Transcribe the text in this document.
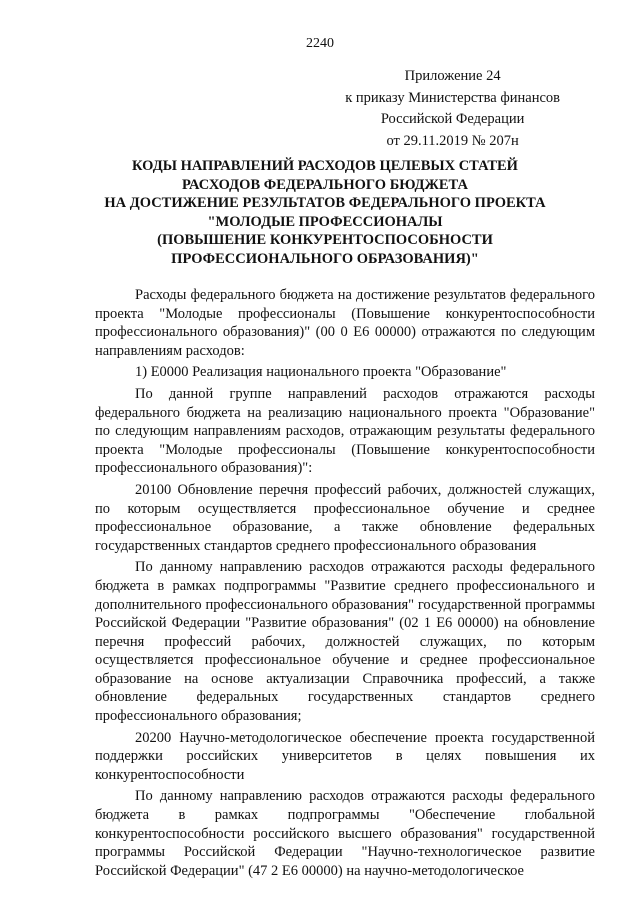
2240
Приложение 24
к приказу Министерства финансов
Российской Федерации
от 29.11.2019 № 207н
КОДЫ НАПРАВЛЕНИЙ РАСХОДОВ ЦЕЛЕВЫХ СТАТЕЙ
РАСХОДОВ ФЕДЕРАЛЬНОГО БЮДЖЕТА
НА ДОСТИЖЕНИЕ РЕЗУЛЬТАТОВ ФЕДЕРАЛЬНОГО ПРОЕКТА
"МОЛОДЫЕ ПРОФЕССИОНАЛЫ
(ПОВЫШЕНИЕ КОНКУРЕНТОСПОСОБНОСТИ
ПРОФЕССИОНАЛЬНОГО ОБРАЗОВАНИЯ)"

Расходы федерального бюджета на достижение результатов федерального проекта "Молодые профессионалы (Повышение конкурентоспособности профессионального образования)" (00 0 Е6 00000) отражаются по следующим направлениям расходов:

1) Е0000 Реализация национального проекта "Образование"

По данной группе направлений расходов отражаются расходы федерального бюджета на реализацию национального проекта "Образование" по следующим направлениям расходов, отражающим результаты федерального проекта "Молодые профессионалы (Повышение конкурентоспособности профессионального образования)":

20100 Обновление перечня профессий рабочих, должностей служащих, по которым осуществляется профессиональное обучение и среднее профессиональное образование, а также обновление федеральных государственных стандартов среднего профессионального образования

По данному направлению расходов отражаются расходы федерального бюджета в рамках подпрограммы "Развитие среднего профессионального и дополнительного профессионального образования" государственной программы Российской Федерации "Развитие образования" (02 1 Е6 00000) на обновление перечня профессий рабочих, должностей служащих, по которым осуществляется профессиональное обучение и среднее профессиональное образование на основе актуализации Справочника профессий, а также обновление федеральных государственных стандартов среднего профессионального образования;

20200 Научно-методологическое обеспечение проекта государственной поддержки российских университетов в целях повышения их конкурентоспособности

По данному направлению расходов отражаются расходы федерального бюджета в рамках подпрограммы "Обеспечение глобальной конкурентоспособности российского высшего образования" государственной программы Российской Федерации "Научно-технологическое развитие Российской Федерации" (47 2 Е6 00000) на научно-методологическое
